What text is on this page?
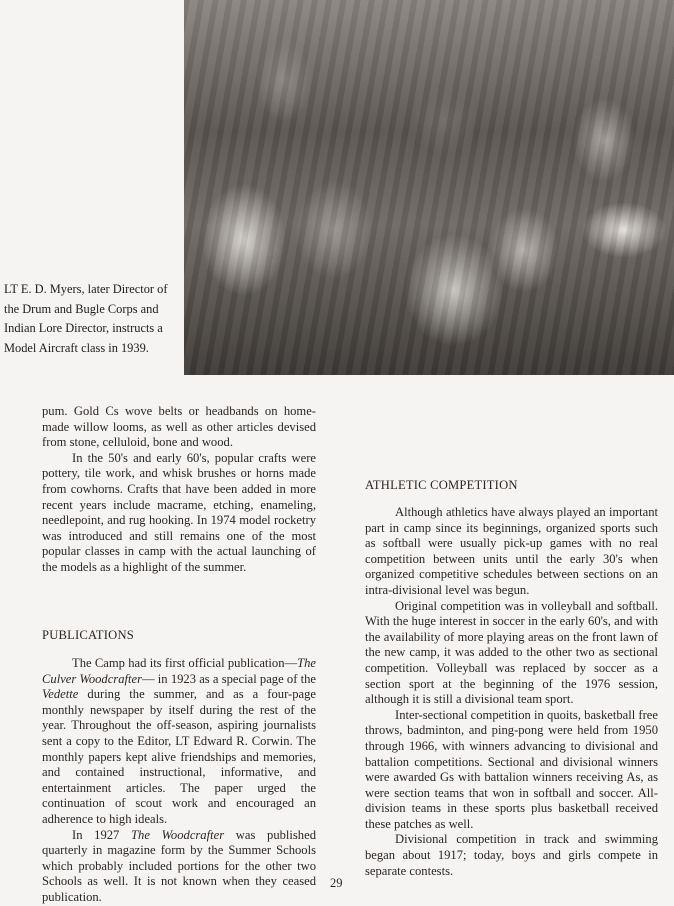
LT E. D. Myers, later Director of the Drum and Bugle Corps and Indian Lore Director, instructs a Model Aircraft class in 1939.

pum. Gold Cs wove belts or headbands on home-made willow looms, as well as other articles devised from stone, celluloid, bone and wood.

In the 50's and early 60's, popular crafts were pottery, tile work, and whisk brushes or horns made from cowhorns. Crafts that have been added in more recent years include macrame, etching, enameling, needlepoint, and rug hooking. In 1974 model rocketry was introduced and still remains one of the most popular classes in camp with the actual launching of the models as a highlight of the summer.

PUBLICATIONS

The Camp had its first official publication—The Culver Woodcrafter— in 1923 as a special page of the Vedette during the summer, and as a four-page monthly newspaper by itself during the rest of the year. Throughout the off-season, aspiring journalists sent a copy to the Editor, LT Edward R. Corwin. The monthly papers kept alive friendships and memories, and contained instructional, informative, and entertainment articles. The paper urged the continuation of scout work and encouraged an adherence to high ideals.

In 1927 The Woodcrafter was published quarterly in magazine form by the Summer Schools which probably included portions for the other two Schools as well. It is not known when they ceased publication.

ATHLETIC COMPETITION

Although athletics have always played an important part in camp since its beginnings, organized sports such as softball were usually pick-up games with no real competition between units until the early 30's when organized competitive schedules between sections on an intra-divisional level was begun.

Original competition was in volleyball and softball. With the huge interest in soccer in the early 60's, and with the availability of more playing areas on the front lawn of the new camp, it was added to the other two as sectional competition. Volleyball was replaced by soccer as a section sport at the beginning of the 1976 session, although it is still a divisional team sport.

Inter-sectional competition in quoits, basketball free throws, badminton, and ping-pong were held from 1950 through 1966, with winners advancing to divisional and battalion competitions. Sectional and divisional winners were awarded Gs with battalion winners receiving As, as were section teams that won in softball and soccer. All-division teams in these sports plus basketball received these patches as well.

Divisional competition in track and swimming began about 1917; today, boys and girls compete in separate contests.

29
